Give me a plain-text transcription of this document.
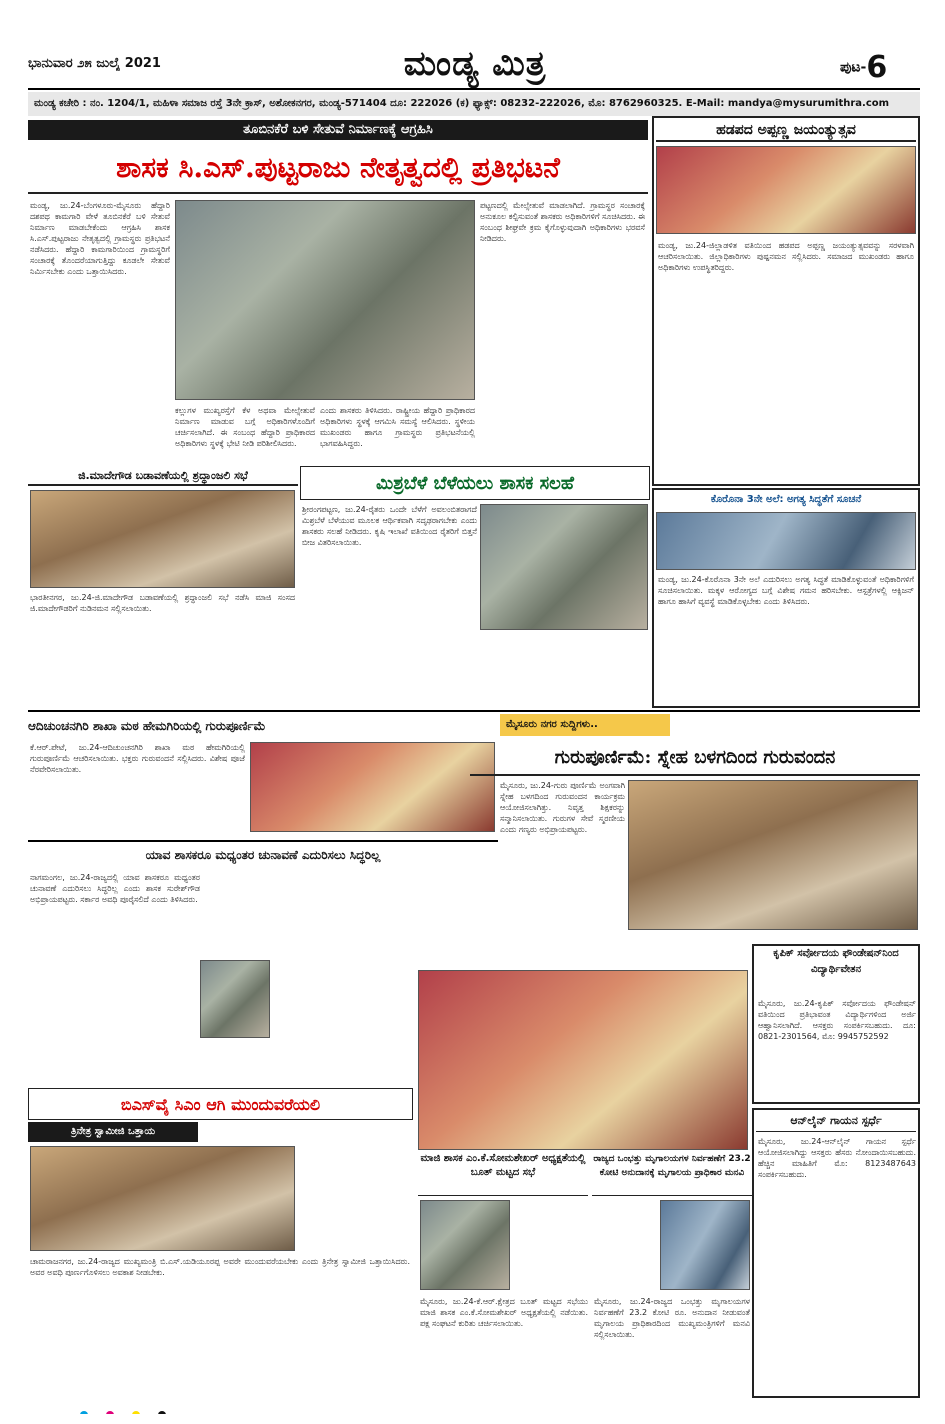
ಭಾನುವಾರ ೨೫ ಜುಲೈ 2021	ಮಂಡ್ಯ ಮಿತ್ರ	ಪುಟ-6
ಮಂಡ್ಯ ಕಚೇರಿ : ನಂ. 1204/1, ಮಹಿಳಾ ಸಮಾಜ ರಸ್ತೆ 3ನೇ ಕ್ರಾಸ್, ಅಶೋಕನಗರ, ಮಂಡ್ಯ-571404 ದೂ: 222026 (ಕ) ಫ್ಯಾಕ್ಸ್: 08232-222026, ಮೊ: 8762960325. E-Mail: mandya@mysurumithra.com
ತೂಬಿನಕೆರೆ ಬಳಿ ಸೇತುವೆ ನಿರ್ಮಾಣಕ್ಕೆ ಆಗ್ರಹಿಸಿ
ಶಾಸಕ ಸಿ.ಎಸ್.ಪುಟ್ಟರಾಜು ನೇತೃತ್ವದಲ್ಲಿ ಪ್ರತಿಭಟನೆ
ಮಂಡ್ಯ, ಜು.24-ಬೆಂಗಳೂರು-ಮೈಸೂರು ಹೆದ್ದಾರಿ ದಶಪಥ ಕಾಮಗಾರಿ ವೇಳೆ ತೂಬಿನಕೆರೆ ಬಳಿ ಸೇತುವೆ ನಿರ್ಮಾಣ ಮಾಡಬೇಕೆಂದು ಆಗ್ರಹಿಸಿ ಶಾಸಕ ಸಿ.ಎಸ್.ಪುಟ್ಟರಾಜು ನೇತೃತ್ವದಲ್ಲಿ ಗ್ರಾಮಸ್ಥರು ಪ್ರತಿಭಟನೆ ನಡೆಸಿದರು. ಹೆದ್ದಾರಿ ಕಾಮಗಾರಿಯಿಂದ ಗ್ರಾಮಸ್ಥರಿಗೆ ಸಂಚಾರಕ್ಕೆ ತೊಂದರೆಯಾಗುತ್ತಿದ್ದು ಕೂಡಲೇ ಸೇತುವೆ ನಿರ್ಮಿಸಬೇಕು ಎಂದು ಒತ್ತಾಯಿಸಿದರು.
ಕಲ್ಲುಗಳ ಮುಖ್ಯರಸ್ತೆಗೆ ಕೆಳ ಅಥವಾ ಮೇಲ್ಸೇತುವೆ ನಿರ್ಮಾಣ ಮಾಡುವ ಬಗ್ಗೆ ಅಧಿಕಾರಿಗಳೊಂದಿಗೆ ಚರ್ಚಿಸಲಾಗಿದೆ. ಈ ಸಂಬಂಧ ಹೆದ್ದಾರಿ ಪ್ರಾಧಿಕಾರದ ಅಧಿಕಾರಿಗಳು ಸ್ಥಳಕ್ಕೆ ಭೇಟಿ ನೀಡಿ ಪರಿಶೀಲಿಸಿದರು.
ಎಂದು ಶಾಸಕರು ತಿಳಿಸಿದರು. ರಾಷ್ಟ್ರೀಯ ಹೆದ್ದಾರಿ ಪ್ರಾಧಿಕಾರದ ಅಧಿಕಾರಿಗಳು ಸ್ಥಳಕ್ಕೆ ಆಗಮಿಸಿ ಸಮಸ್ಯೆ ಆಲಿಸಿದರು. ಸ್ಥಳೀಯ ಮುಖಂಡರು ಹಾಗೂ ಗ್ರಾಮಸ್ಥರು ಪ್ರತಿಭಟನೆಯಲ್ಲಿ ಭಾಗವಹಿಸಿದ್ದರು.
ಪಟ್ಟಣದಲ್ಲಿ ಮೇಲ್ಸೇತುವೆ ಮಾಡಲಾಗಿದೆ. ಗ್ರಾಮಸ್ಥರ ಸಂಚಾರಕ್ಕೆ ಅನುಕೂಲ ಕಲ್ಪಿಸುವಂತೆ ಶಾಸಕರು ಅಧಿಕಾರಿಗಳಿಗೆ ಸೂಚಿಸಿದರು. ಈ ಸಂಬಂಧ ಶೀಘ್ರವೇ ಕ್ರಮ ಕೈಗೊಳ್ಳುವುದಾಗಿ ಅಧಿಕಾರಿಗಳು ಭರವಸೆ ನೀಡಿದರು.
ಹಡಪದ ಅಪ್ಪಣ್ಣ ಜಯಂತ್ಯುತ್ಸವ
ಮಂಡ್ಯ, ಜು.24-ಜಿಲ್ಲಾಡಳಿತ ವತಿಯಿಂದ ಹಡಪದ ಅಪ್ಪಣ್ಣ ಜಯಂತ್ಯುತ್ಸವವನ್ನು ಸರಳವಾಗಿ ಆಚರಿಸಲಾಯಿತು. ಜಿಲ್ಲಾಧಿಕಾರಿಗಳು ಪುಷ್ಪನಮನ ಸಲ್ಲಿಸಿದರು. ಸಮಾಜದ ಮುಖಂಡರು ಹಾಗೂ ಅಧಿಕಾರಿಗಳು ಉಪಸ್ಥಿತರಿದ್ದರು.
ಜಿ.ಮಾದೇಗೌಡ ಬಡಾವಣೆಯಲ್ಲಿ ಶ್ರದ್ಧಾಂಜಲಿ ಸಭೆ
ಭಾರತೀನಗರ, ಜು.24-ಜಿ.ಮಾದೇಗೌಡ ಬಡಾವಣೆಯಲ್ಲಿ ಶ್ರದ್ಧಾಂಜಲಿ ಸಭೆ ನಡೆಸಿ ಮಾಜಿ ಸಂಸದ ಜಿ.ಮಾದೇಗೌಡರಿಗೆ ನುಡಿನಮನ ಸಲ್ಲಿಸಲಾಯಿತು.
ಮಿಶ್ರಬೆಳೆ ಬೆಳೆಯಲು ಶಾಸಕ ಸಲಹೆ
ಶ್ರೀರಂಗಪಟ್ಟಣ, ಜು.24-ರೈತರು ಒಂದೇ ಬೆಳೆಗೆ ಅವಲಂಬಿತರಾಗದೆ ಮಿಶ್ರಬೆಳೆ ಬೆಳೆಯುವ ಮೂಲಕ ಆರ್ಥಿಕವಾಗಿ ಸದೃಢರಾಗಬೇಕು ಎಂದು ಶಾಸಕರು ಸಲಹೆ ನೀಡಿದರು. ಕೃಷಿ ಇಲಾಖೆ ವತಿಯಿಂದ ರೈತರಿಗೆ ಬಿತ್ತನೆ ಬೀಜ ವಿತರಿಸಲಾಯಿತು.
ಕೊರೊನಾ 3ನೇ ಅಲೆ: ಅಗತ್ಯ ಸಿದ್ಧತೆಗೆ ಸೂಚನೆ
ಮಂಡ್ಯ, ಜು.24-ಕೊರೊನಾ 3ನೇ ಅಲೆ ಎದುರಿಸಲು ಅಗತ್ಯ ಸಿದ್ಧತೆ ಮಾಡಿಕೊಳ್ಳುವಂತೆ ಅಧಿಕಾರಿಗಳಿಗೆ ಸೂಚಿಸಲಾಯಿತು. ಮಕ್ಕಳ ಆರೋಗ್ಯದ ಬಗ್ಗೆ ವಿಶೇಷ ಗಮನ ಹರಿಸಬೇಕು. ಆಸ್ಪತ್ರೆಗಳಲ್ಲಿ ಆಕ್ಸಿಜನ್ ಹಾಗೂ ಹಾಸಿಗೆ ವ್ಯವಸ್ಥೆ ಮಾಡಿಕೊಳ್ಳಬೇಕು ಎಂದು ತಿಳಿಸಿದರು.
ಆದಿಚುಂಚನಗಿರಿ ಶಾಖಾ ಮಠ ಹೇಮಗಿರಿಯಲ್ಲಿ ಗುರುಪೂರ್ಣಿಮೆ
ಕೆ.ಆರ್.ಪೇಟೆ, ಜು.24-ಆದಿಚುಂಚನಗಿರಿ ಶಾಖಾ ಮಠ ಹೇಮಗಿರಿಯಲ್ಲಿ ಗುರುಪೂರ್ಣಿಮೆ ಆಚರಿಸಲಾಯಿತು. ಭಕ್ತರು ಗುರುವಂದನೆ ಸಲ್ಲಿಸಿದರು. ವಿಶೇಷ ಪೂಜೆ ನೆರವೇರಿಸಲಾಯಿತು.
ಮೈಸೂರು ನಗರ ಸುದ್ದಿಗಳು..
ಗುರುಪೂರ್ಣಿಮೆ: ಸ್ನೇಹ ಬಳಗದಿಂದ ಗುರುವಂದನ
ಮೈಸೂರು, ಜು.24-ಗುರು ಪೂರ್ಣಿಮೆ ಅಂಗವಾಗಿ ಸ್ನೇಹ ಬಳಗದಿಂದ ಗುರುವಂದನ ಕಾರ್ಯಕ್ರಮ ಆಯೋಜಿಸಲಾಗಿತ್ತು. ನಿವೃತ್ತ ಶಿಕ್ಷಕರನ್ನು ಸನ್ಮಾನಿಸಲಾಯಿತು. ಗುರುಗಳ ಸೇವೆ ಸ್ಮರಣೀಯ ಎಂದು ಗಣ್ಯರು ಅಭಿಪ್ರಾಯಪಟ್ಟರು.
ಯಾವ ಶಾಸಕರೂ ಮಧ್ಯಂತರ ಚುನಾವಣೆ ಎದುರಿಸಲು ಸಿದ್ಧರಿಲ್ಲ
ನಾಗಮಂಗಲ, ಜು.24-ರಾಜ್ಯದಲ್ಲಿ ಯಾವ ಶಾಸಕರೂ ಮಧ್ಯಂತರ ಚುನಾವಣೆ ಎದುರಿಸಲು ಸಿದ್ಧರಿಲ್ಲ ಎಂದು ಶಾಸಕ ಸುರೇಶ್‌ಗೌಡ ಅಭಿಪ್ರಾಯಪಟ್ಟರು. ಸರ್ಕಾರ ಅವಧಿ ಪೂರೈಸಲಿದೆ ಎಂದು ತಿಳಿಸಿದರು.
ಕೃಪಿಕ್ ಸರ್ವೋದಯ ಫೌಂಡೇಷನ್‌ನಿಂದ ವಿದ್ಯಾರ್ಥಿವೇತನ
ಮೈಸೂರು, ಜು.24-ಕೃಪಿಕ್ ಸರ್ವೋದಯ ಫೌಂಡೇಷನ್ ವತಿಯಿಂದ ಪ್ರತಿಭಾವಂತ ವಿದ್ಯಾರ್ಥಿಗಳಿಂದ ಅರ್ಜಿ ಆಹ್ವಾನಿಸಲಾಗಿದೆ. ಆಸಕ್ತರು ಸಂಪರ್ಕಿಸಬಹುದು. ದೂ: 0821-2301564, ಮೊ: 9945752592
ಬಿಎಸ್‌ವೈ ಸಿಎಂ ಆಗಿ ಮುಂದುವರೆಯಲಿ
ತ್ರಿನೇತ್ರ ಸ್ವಾಮೀಜಿ ಒತ್ತಾಯ
ಚಾಮರಾಜನಗರ, ಜು.24-ರಾಜ್ಯದ ಮುಖ್ಯಮಂತ್ರಿ ಬಿ.ಎಸ್.ಯಡಿಯೂರಪ್ಪ ಅವರೇ ಮುಂದುವರೆಯಬೇಕು ಎಂದು ತ್ರಿನೇತ್ರ ಸ್ವಾಮೀಜಿ ಒತ್ತಾಯಿಸಿದರು. ಅವರ ಅವಧಿ ಪೂರ್ಣಗೊಳಿಸಲು ಅವಕಾಶ ನೀಡಬೇಕು.
ಮಾಜಿ ಶಾಸಕ ಎಂ.ಕೆ.ಸೋಮಶೇಖರ್ ಅಧ್ಯಕ್ಷತೆಯಲ್ಲಿ ಬೂತ್ ಮಟ್ಟದ ಸಭೆ
ಮೈಸೂರು, ಜು.24-ಕೆ.ಆರ್.ಕ್ಷೇತ್ರದ ಬೂತ್ ಮಟ್ಟದ ಸಭೆಯು ಮಾಜಿ ಶಾಸಕ ಎಂ.ಕೆ.ಸೋಮಶೇಖರ್ ಅಧ್ಯಕ್ಷತೆಯಲ್ಲಿ ನಡೆಯಿತು. ಪಕ್ಷ ಸಂಘಟನೆ ಕುರಿತು ಚರ್ಚಿಸಲಾಯಿತು.
ರಾಜ್ಯದ ಒಂಭತ್ತು ಮೃಗಾಲಯಗಳ ನಿರ್ವಹಣೆಗೆ 23.2 ಕೋಟಿ ಅನುದಾನಕ್ಕೆ ಮೃಗಾಲಯ ಪ್ರಾಧಿಕಾರ ಮನವಿ
ಮೈಸೂರು, ಜು.24-ರಾಜ್ಯದ ಒಂಭತ್ತು ಮೃಗಾಲಯಗಳ ನಿರ್ವಹಣೆಗೆ 23.2 ಕೋಟಿ ರೂ. ಅನುದಾನ ನೀಡುವಂತೆ ಮೃಗಾಲಯ ಪ್ರಾಧಿಕಾರದಿಂದ ಮುಖ್ಯಮಂತ್ರಿಗಳಿಗೆ ಮನವಿ ಸಲ್ಲಿಸಲಾಯಿತು.
ಆನ್‌ಲೈನ್ ಗಾಯನ ಸ್ಪರ್ಧೆ
ಮೈಸೂರು, ಜು.24-ಆನ್‌ಲೈನ್ ಗಾಯನ ಸ್ಪರ್ಧೆ ಆಯೋಜಿಸಲಾಗಿದ್ದು ಆಸಕ್ತರು ಹೆಸರು ನೋಂದಾಯಿಸಬಹುದು. ಹೆಚ್ಚಿನ ಮಾಹಿತಿಗೆ ಮೊ: 8123487643 ಸಂಪರ್ಕಿಸಬಹುದು.
